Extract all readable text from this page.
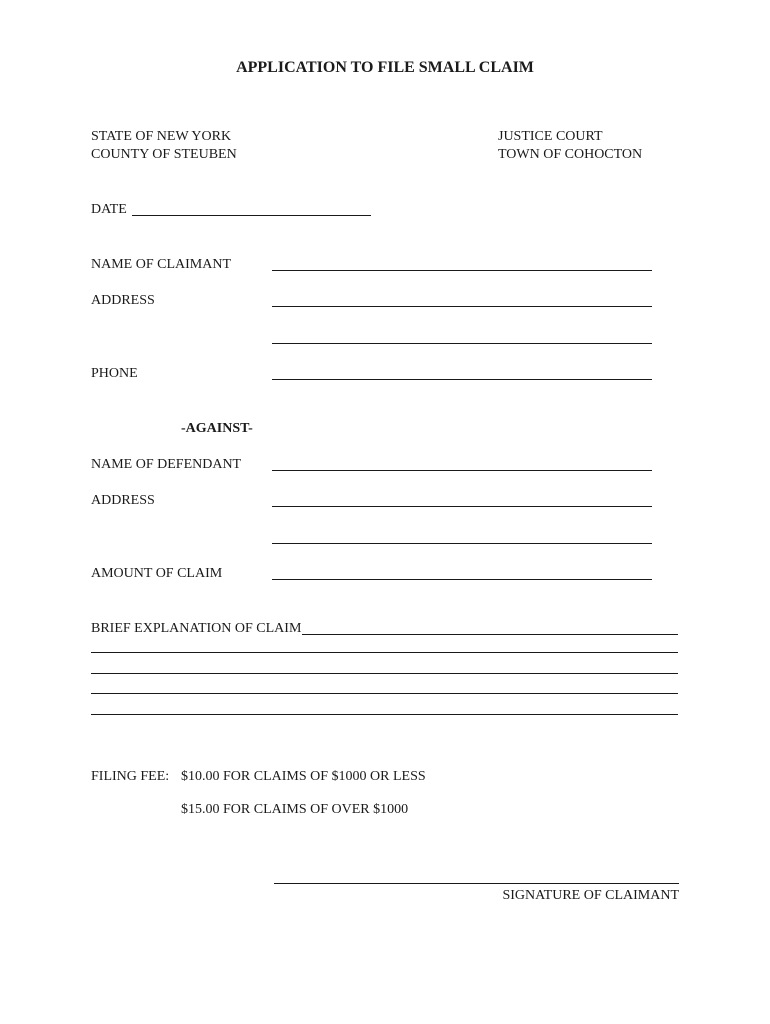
APPLICATION TO FILE SMALL CLAIM
STATE OF NEW YORK
COUNTY OF STEUBEN
JUSTICE COURT
TOWN OF COHOCTON
DATE
NAME OF CLAIMANT
ADDRESS
PHONE
-AGAINST-
NAME OF DEFENDANT
ADDRESS
AMOUNT OF CLAIM
BRIEF EXPLANATION OF CLAIM
FILING FEE: $10.00 FOR CLAIMS OF $1000 OR LESS
$15.00 FOR CLAIMS OF OVER $1000
SIGNATURE OF CLAIMANT
